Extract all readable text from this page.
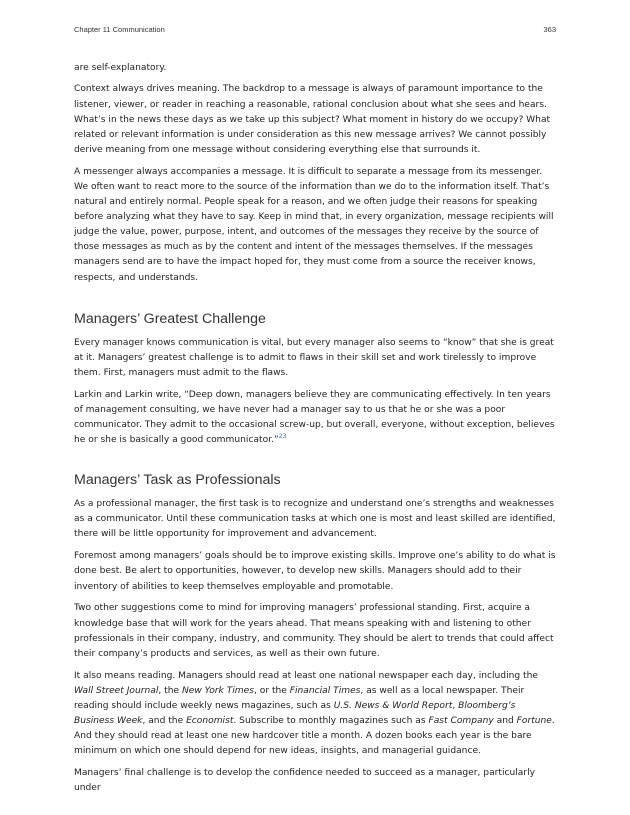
Chapter 11 Communication	363

are self-explanatory.

Context always drives meaning. The backdrop to a message is always of paramount importance to the listener, viewer, or reader in reaching a reasonable, rational conclusion about what she sees and hears. What’s in the news these days as we take up this subject? What moment in history do we occupy? What related or relevant information is under consideration as this new message arrives? We cannot possibly derive meaning from one message without considering everything else that surrounds it.

A messenger always accompanies a message. It is difficult to separate a message from its messenger. We often want to react more to the source of the information than we do to the information itself. That’s natural and entirely normal. People speak for a reason, and we often judge their reasons for speaking before analyzing what they have to say. Keep in mind that, in every organization, message recipients will judge the value, power, purpose, intent, and outcomes of the messages they receive by the source of those messages as much as by the content and intent of the messages themselves. If the messages managers send are to have the impact hoped for, they must come from a source the receiver knows, respects, and understands.

Managers’ Greatest Challenge

Every manager knows communication is vital, but every manager also seems to “know” that she is great at it. Managers’ greatest challenge is to admit to flaws in their skill set and work tirelessly to improve them. First, managers must admit to the flaws.

Larkin and Larkin write, “Deep down, managers believe they are communicating effectively. In ten years of management consulting, we have never had a manager say to us that he or she was a poor communicator. They admit to the occasional screw-up, but overall, everyone, without exception, believes he or she is basically a good communicator.”$^{23}$

Managers’ Task as Professionals

As a professional manager, the first task is to recognize and understand one’s strengths and weaknesses as a communicator. Until these communication tasks at which one is most and least skilled are identified, there will be little opportunity for improvement and advancement.

Foremost among managers’ goals should be to improve existing skills. Improve one’s ability to do what is done best. Be alert to opportunities, however, to develop new skills. Managers should add to their inventory of abilities to keep themselves employable and promotable.

Two other suggestions come to mind for improving managers’ professional standing. First, acquire a knowledge base that will work for the years ahead. That means speaking with and listening to other professionals in their company, industry, and community. They should be alert to trends that could affect their company’s products and services, as well as their own future.

It also means reading. Managers should read at least one national newspaper each day, including the Wall Street Journal, the New York Times, or the Financial Times, as well as a local newspaper. Their reading should include weekly news magazines, such as U.S. News & World Report, Bloomberg’s Business Week, and the Economist. Subscribe to monthly magazines such as Fast Company and Fortune. And they should read at least one new hardcover title a month. A dozen books each year is the bare minimum on which one should depend for new ideas, insights, and managerial guidance.

Managers’ final challenge is to develop the confidence needed to succeed as a manager, particularly under
